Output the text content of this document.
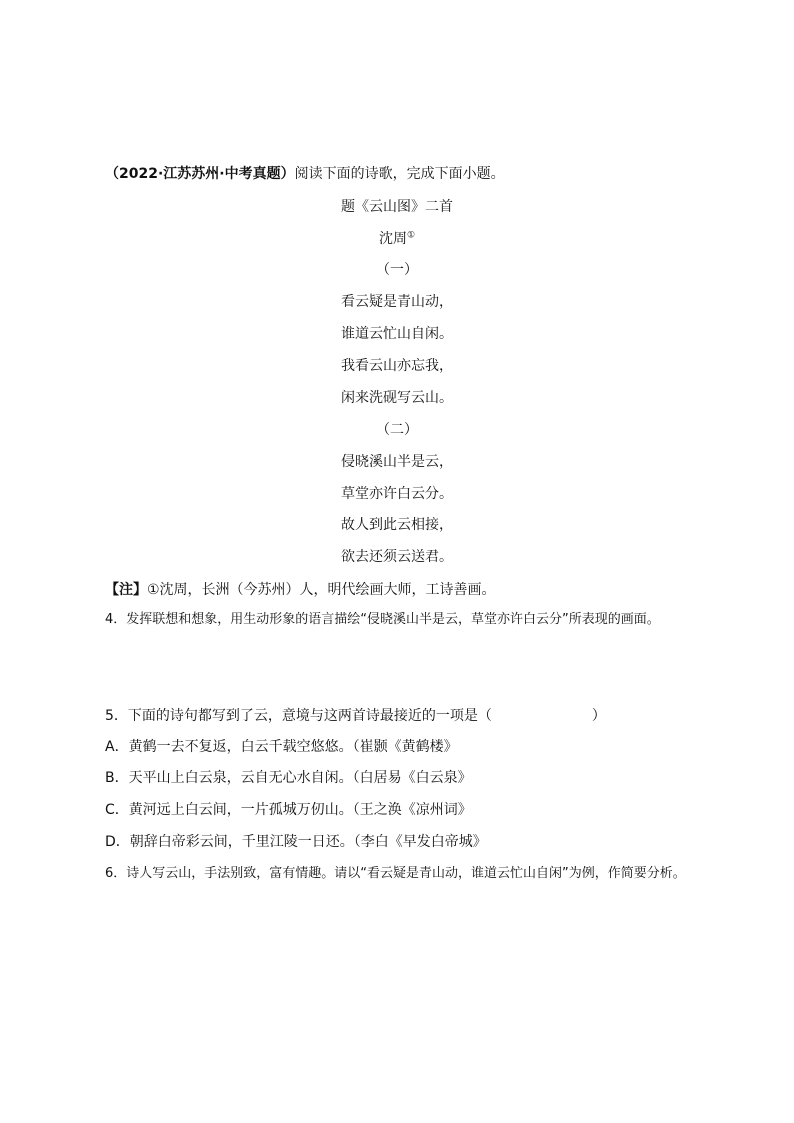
（2022·江苏苏州·中考真题）阅读下面的诗歌，完成下面小题。
题《云山图》二首
沈周①
（一）
看云疑是青山动，
谁道云忙山自闲。
我看云山亦忘我，
闲来洗砚写云山。
（二）
侵晓溪山半是云，
草堂亦许白云分。
故人到此云相接，
欲去还须云送君。
【注】①沈周，长洲（今苏州）人，明代绘画大师，工诗善画。
4．发挥联想和想象，用生动形象的语言描绘“侵晓溪山半是云，草堂亦许白云分”所表现的画面。
5．下面的诗句都写到了云，意境与这两首诗最接近的一项是（	）
A．黄鹤一去不复返，白云千载空悠悠。（崔颢《黄鹤楼》
B．天平山上白云泉，云自无心水自闲。（白居易《白云泉》
C．黄河远上白云间，一片孤城万仞山。（王之涣《凉州词》
D．朝辞白帝彩云间，千里江陵一日还。（李白《早发白帝城》
6．诗人写云山，手法别致，富有情趣。请以“看云疑是青山动，谁道云忙山自闲”为例，作简要分析。
